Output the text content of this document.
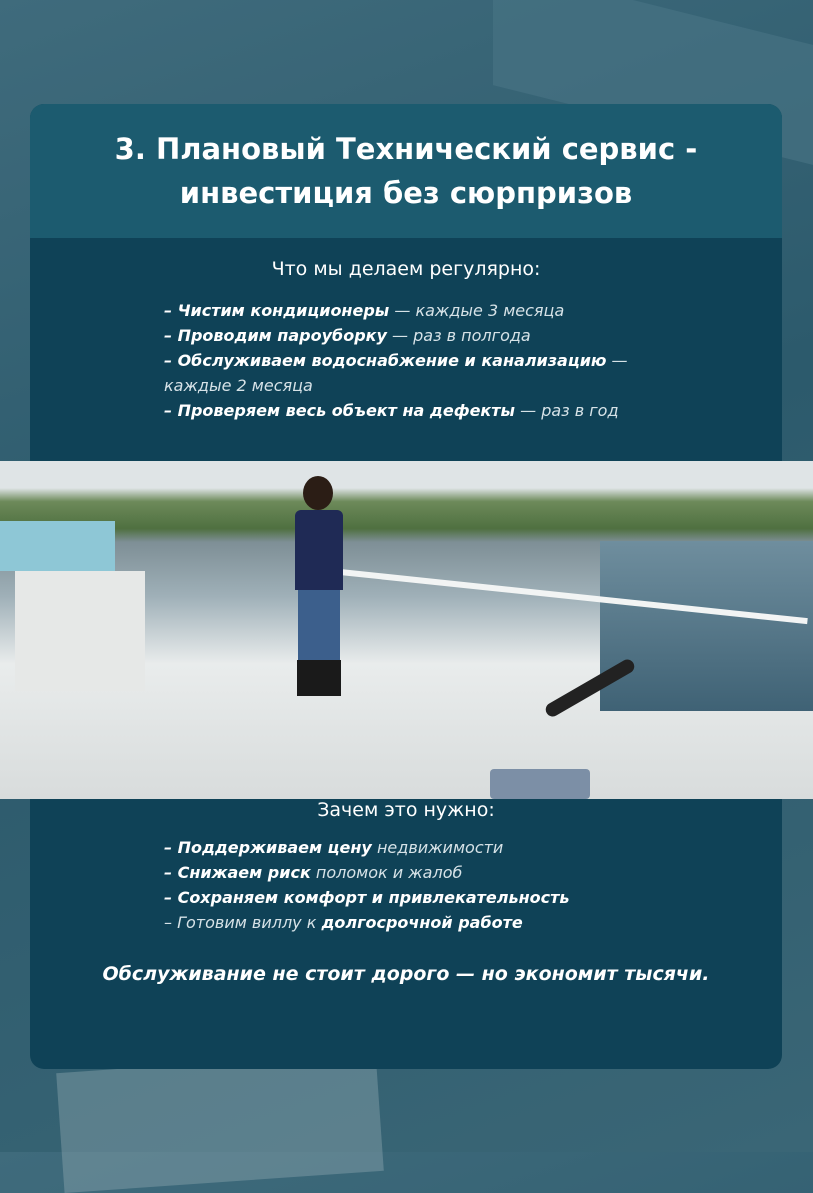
3. Плановый Технический сервис -
инвестиция без сюрпризов
Что мы делаем регулярно:
– Чистим кондиционеры — каждые 3 месяца
– Проводим пароуборку — раз в полгода
– Обслуживаем водоснабжение и канализацию — каждые 2 месяца
– Проверяем весь объект на дефекты — раз в год
Зачем это нужно:
– Поддерживаем цену недвижимости
– Снижаем риск поломок и жалоб
– Сохраняем комфорт и привлекательность
– Готовим виллу к долгосрочной работе
Обслуживание не стоит дорого — но экономит тысячи.
